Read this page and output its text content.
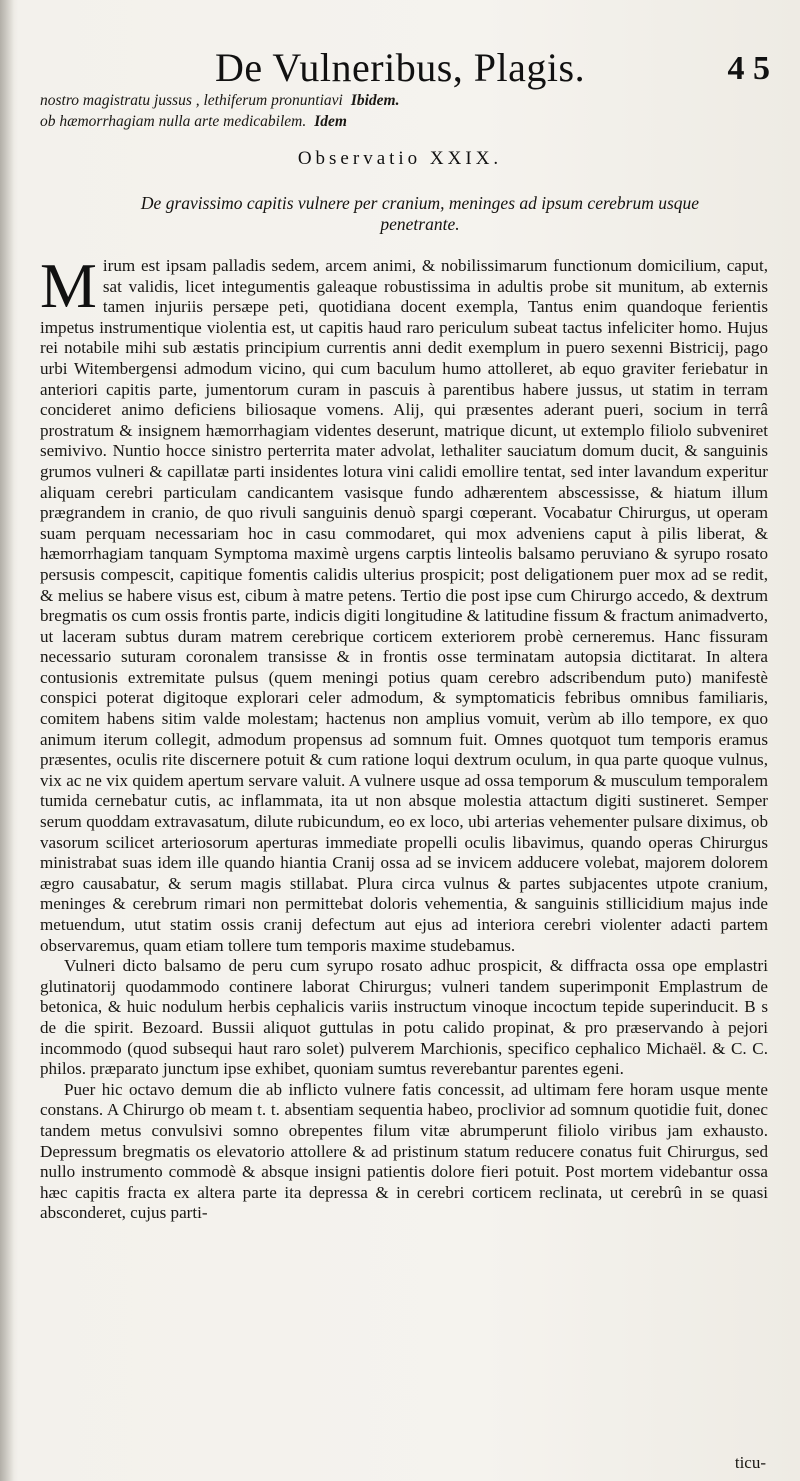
De Vulneribus, Plagis.	4 5
nostro magistratu jussus , lethiferum pronuntiavi Ibidem.
ob hæmorrhagiam nulla arte medicabilem. Idem
Observatio XXIX.
De gravissimo capitis vulnere per cranium, meninges ad ipsum cerebrum usque penetrante.

Mirum est ipsam palladis sedem, arcem animi, & nobilissimarum functionum domicilium, caput, sat validis, licet integumentis galeaque robustissima in adultis probe sit munitum, ab externis tamen injuriis persæpe peti, quotidiana docent exempla, Tantus enim quandoque ferientis impetus instrumentique violentia est, ut capitis haud raro periculum subeat tactus infeliciter homo. Hujus rei notabile mihi sub æstatis principium currentis anni dedit exemplum in puero sexenni Bistricij, pago urbi Witembergensi admodum vicino, qui cum baculum humo attolleret, ab equo graviter feriebatur in anteriori capitis parte, jumentorum curam in pascuis à parentibus habere jussus, ut statim in terram concideret animo deficiens biliosaque vomens. Alij, qui præsentes aderant pueri, socium in terrâ prostratum & insignem hæmorrhagiam videntes deserunt, matrique dicunt, ut extemplo filiolo subveniret semivivo. Nuntio hocce sinistro perterrita mater advolat, lethaliter sauciatum domum ducit, & sanguinis grumos vulneri & capillatæ parti insidentes lotura vini calidi emollire tentat, sed inter lavandum experitur aliquam cerebri particulam candicantem vasisque fundo adhærentem abscessisse, & hiatum illum prægrandem in cranio, de quo rivuli sanguinis denuò spargi cœperant. Vocabatur Chirurgus, ut operam suam perquam necessariam hoc in casu commodaret, qui mox adveniens caput à pilis liberat, & hæmorrhagiam tanquam Symptoma maximè urgens carptis linteolis balsamo peruviano & syrupo rosato persusis compescit, capitique fomentis calidis ulterius prospicit; post deligationem puer mox ad se redit, & melius se habere visus est, cibum à matre petens. Tertio die post ipse cum Chirurgo accedo, & dextrum bregmatis os cum ossis frontis parte, indicis digiti longitudine & latitudine fissum & fractum animadverto, ut laceram subtus duram matrem cerebrique corticem exteriorem probè cerneremus. Hanc fissuram necessario suturam coronalem transisse & in frontis osse terminatam autopsia dictitarat. In altera contusionis extremitate pulsus (quem meningi potius quam cerebro adscribendum puto) manifestè conspici poterat digitoque explorari celer admodum, & symptomaticis febribus omnibus familiaris, comitem habens sitim valde molestam; hactenus non amplius vomuit, verùm ab illo tempore, ex quo animum iterum collegit, admodum propensus ad somnum fuit. Omnes quotquot tum temporis eramus præsentes, oculis rite discernere potuit & cum ratione loqui dextrum oculum, in qua parte quoque vulnus, vix ac ne vix quidem apertum servare valuit. A vulnere usque ad ossa temporum & musculum temporalem tumida cernebatur cutis, ac inflammata, ita ut non absque molestia attactum digiti sustineret. Semper serum quoddam extravasatum, dilute rubicundum, eo ex loco, ubi arterias vehementer pulsare diximus, ob vasorum scilicet arteriosorum aperturas immediate propelli oculis libavimus, quando operas Chirurgus ministrabat suas idem ille quando hiantia Cranij ossa ad se invicem adducere volebat, majorem dolorem ægro causabatur, & serum magis stillabat. Plura circa vulnus & partes subjacentes utpote cranium, meninges & cerebrum rimari non permittebat doloris vehementia, & sanguinis stillicidium majus inde metuendum, utut statim ossis cranij defectum aut ejus ad interiora cerebri violenter adacti partem observaremus, quam etiam tollere tum temporis maxime studebamus.

Vulneri dicto balsamo de peru cum syrupo rosato adhuc prospicit, & diffracta ossa ope emplastri glutinatorij quodammodo continere laborat Chirurgus; vulneri tandem superimponit Emplastrum de betonica, & huic nodulum herbis cephalicis variis instructum vinoque incoctum tepide superinducit. B s de die spirit. Bezoard. Bussii aliquot guttulas in potu calido propinat, & pro præservando à pejori incommodo (quod subsequi haut raro solet) pulverem Marchionis, specifico cephalico Michaël. & C. C. philos. præparato junctum ipse exhibet, quoniam sumtus reverebantur parentes egeni.

Puer hic octavo demum die ab inflicto vulnere fatis concessit, ad ultimam fere horam usque mente constans. A Chirurgo ob meam t. t. absentiam sequentia habeo, proclivior ad somnum quotidie fuit, donec tandem metus convulsivi somno obrepentes filum vitæ abrumperunt filiolo viribus jam exhausto. Depressum bregmatis os elevatorio attollere & ad pristinum statum reducere conatus fuit Chirurgus, sed nullo instrumento commodè & absque insigni patientis dolore fieri potuit. Post mortem videbantur ossa hæc capitis fracta ex altera parte ita depressa & in cerebri corticem reclinata, ut cerebrû in se quasi absconderet, cujus parti-

ticu-
